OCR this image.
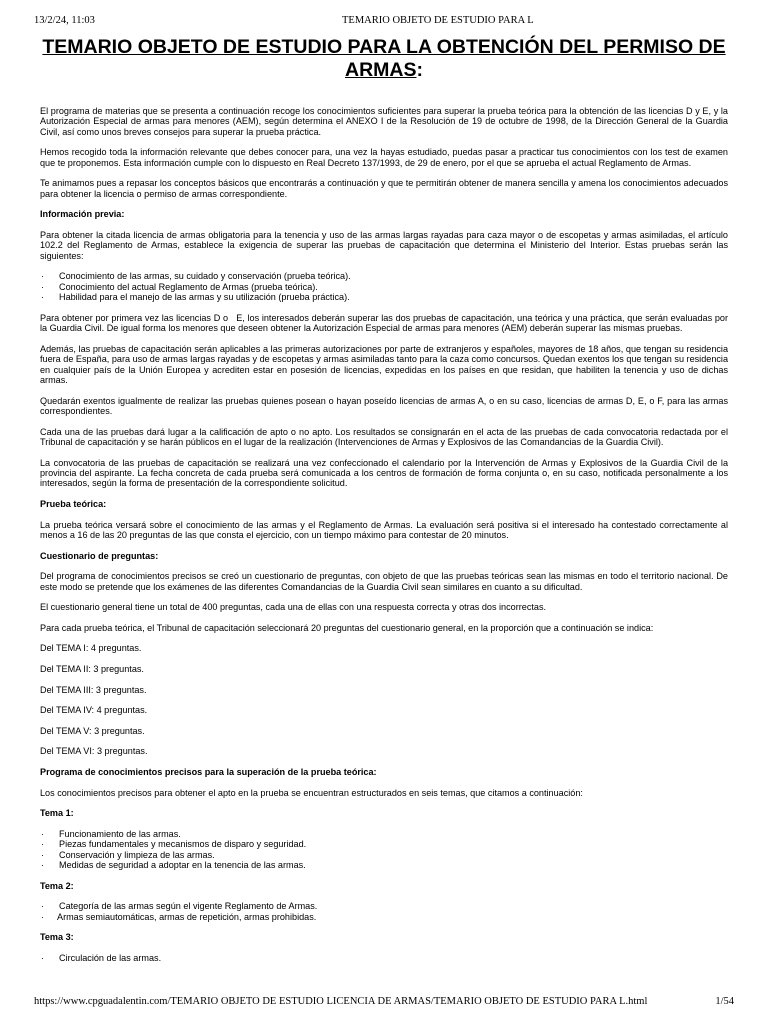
13/2/24, 11:03	TEMARIO OBJETO DE ESTUDIO PARA L
TEMARIO OBJETO DE ESTUDIO PARA LA OBTENCIÓN DEL PERMISO DE ARMAS:

El programa de materias que se presenta a continuación recoge los conocimientos suficientes para superar la prueba teórica para la obtención de las licencias D y E, y la Autorización Especial de armas para menores (AEM), según determina el ANEXO I de la Resolución de 19 de octubre de 1998, de la Dirección General de la Guardia Civil, así como unos breves consejos para superar la prueba práctica.

Hemos recogido toda la información relevante que debes conocer para, una vez la hayas estudiado, puedas pasar a practicar tus conocimientos con los test de examen que te proponemos. Esta información cumple con lo dispuesto en Real Decreto 137/1993, de 29 de enero, por el que se aprueba el actual Reglamento de Armas.

Te animamos pues a repasar los conceptos básicos que encontrarás a continuación y que te permitirán obtener de manera sencilla y amena los conocimientos adecuados para obtener la licencia o permiso de armas correspondiente.

Información previa:

Para obtener la citada licencia de armas obligatoria para la tenencia y uso de las armas largas rayadas para caza mayor o de escopetas y armas asimiladas, el artículo 102.2 del Reglamento de Armas, establece la exigencia de superar las pruebas de capacitación que determina el Ministerio del Interior. Estas pruebas serán las siguientes:

· Conocimiento de las armas, su cuidado y conservación (prueba teórica).
· Conocimiento del actual Reglamento de Armas (prueba teórica).
· Habilidad para el manejo de las armas y su utilización (prueba práctica).

Para obtener por primera vez las licencias D o   E, los interesados deberán superar las dos pruebas de capacitación, una teórica y una práctica, que serán evaluadas por la Guardia Civil. De igual forma los menores que deseen obtener la Autorización Especial de armas para menores (AEM) deberán superar las mismas pruebas.

Además, las pruebas de capacitación serán aplicables a las primeras autorizaciones por parte de extranjeros y españoles, mayores de 18 años, que tengan su residencia fuera de España, para uso de armas largas rayadas y de escopetas y armas asimiladas tanto para la caza como concursos. Quedan exentos los que tengan su residencia en cualquier país de la Unión Europea y acrediten estar en posesión de licencias, expedidas en los países en que residan, que habiliten la tenencia y uso de dichas armas.

Quedarán exentos igualmente de realizar las pruebas quienes posean o hayan poseído licencias de armas A, o en su caso, licencias de armas D, E, o F, para las armas correspondientes.

Cada una de las pruebas dará lugar a la calificación de apto o no apto. Los resultados se consignarán en el acta de las pruebas de cada convocatoria redactada por el Tribunal de capacitación y se harán públicos en el lugar de la realización (Intervenciones de Armas y Explosivos de las Comandancias de la Guardia Civil).

La convocatoria de las pruebas de capacitación se realizará una vez confeccionado el calendario por la Intervención de Armas y Explosivos de la Guardia Civil de la provincia del aspirante. La fecha concreta de cada prueba será comunicada a los centros de formación de forma conjunta o, en su caso, notificada personalmente a los interesados, según la forma de presentación de la correspondiente solicitud.

Prueba teórica:

La prueba teórica versará sobre el conocimiento de las armas y el Reglamento de Armas. La evaluación será positiva si el interesado ha contestado correctamente al menos a 16 de las 20 preguntas de las que consta el ejercicio, con un tiempo máximo para contestar de 20 minutos.

Cuestionario de preguntas:

Del programa de conocimientos precisos se creó un cuestionario de preguntas, con objeto de que las pruebas teóricas sean las mismas en todo el territorio nacional. De este modo se pretende que los exámenes de las diferentes Comandancias de la Guardia Civil sean similares en cuanto a su dificultad.

El cuestionario general tiene un total de 400 preguntas, cada una de ellas con una respuesta correcta y otras dos incorrectas.

Para cada prueba teórica, el Tribunal de capacitación seleccionará 20 preguntas del cuestionario general, en la proporción que a continuación se indica:

Del TEMA I: 4 preguntas.

Del TEMA II: 3 preguntas.

Del TEMA III: 3 preguntas.

Del TEMA IV: 4 preguntas.

Del TEMA V: 3 preguntas.

Del TEMA VI: 3 preguntas.

Programa de conocimientos precisos para la superación de la prueba teórica:

Los conocimientos precisos para obtener el apto en la prueba se encuentran estructurados en seis temas, que citamos a continuación:

Tema 1:

· Funcionamiento de las armas.
· Piezas fundamentales y mecanismos de disparo y seguridad.
· Conservación y limpieza de las armas.
· Medidas de seguridad a adoptar en la tenencia de las armas.

Tema 2:

· Categoría de las armas según el vigente Reglamento de Armas.
· Armas semiautomáticas, armas de repetición, armas prohibidas.

Tema 3:

· Circulación de las armas.
https://www.cpguadalentin.com/TEMARIO OBJETO DE ESTUDIO LICENCIA DE ARMAS/TEMARIO OBJETO DE ESTUDIO PARA L.html	1/54
